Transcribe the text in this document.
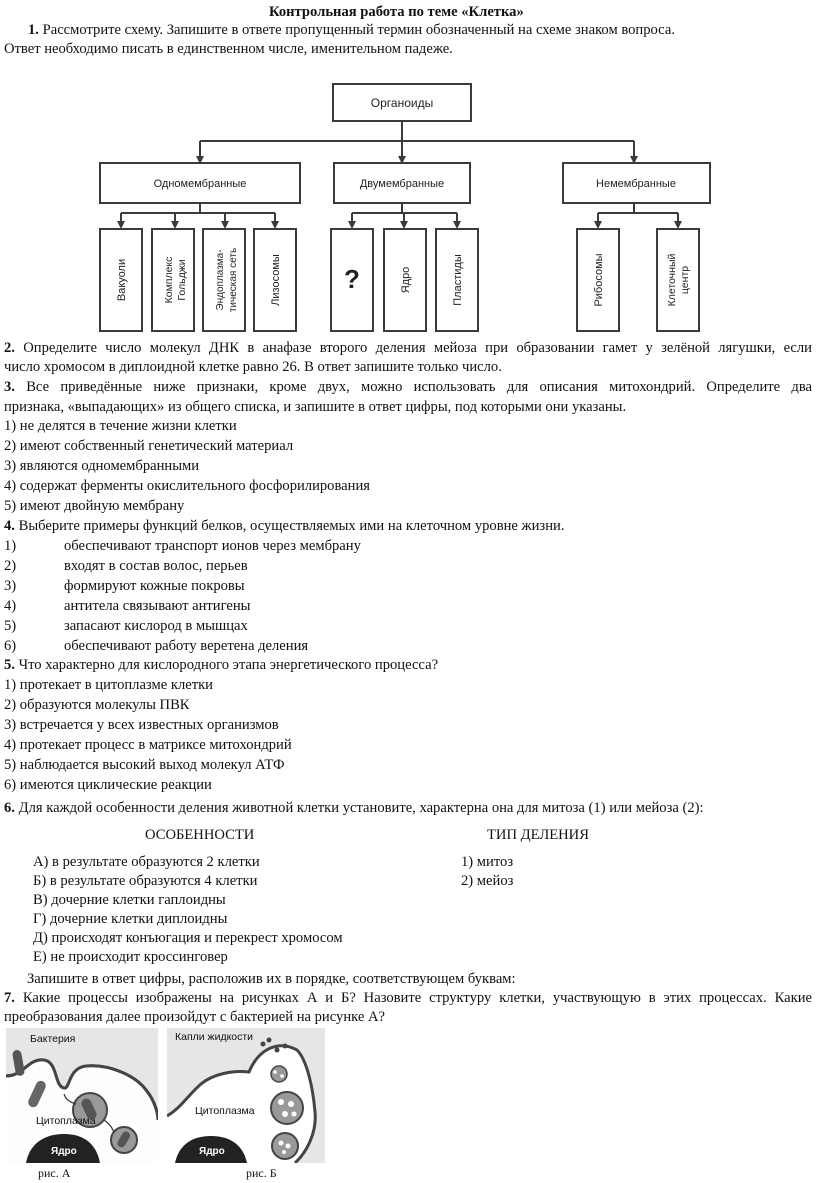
Контрольная работа по теме «Клетка»
1. Рассмотрите схему. Запишите в ответе пропущенный термин обозначенный на схеме знаком вопроса.
Ответ необходимо писать в единственном числе, именительном падеже.
Органоиды
Одномембранные	Двумембранные	Немембранные
Вакуоли	КомплексГольджи	Эндоплазма- тическая сеть	Лизосомы ?	Ядро	Пластиды	Рибосомы	Клеточныйцентр
2. Определите число молекул ДНК в анафазе второго деления мейоза при образовании гамет у зелёной лягушки, если
число хромосом в диплоидной клетке равно 26. В ответ запишите только число.
3. Все приведённые ниже признаки, кроме двух, можно использовать для описания митохондрий. Определите два
признака, «выпадающих» из общего списка, и запишите в ответ цифры, под которыми они указаны.
1) не делятся в течение жизни клетки
2) имеют собственный генетический материал
3) являются одномембранными
4) содержат ферменты окислительного фосфорилирования
5) имеют двойную мембрану
4. Выберите примеры функций белков, осуществляемых ими на клеточном уровне жизни.
1)	обеспечивают транспорт ионов через мембрану
2)	входят в состав волос, перьев
3)	формируют кожные покровы
4)	антитела связывают антигены
5)	запасают кислород в мышцах
6)	обеспечивают работу веретена деления
5. Что характерно для кислородного этапа энергетического процесса?
1) протекает в цитоплазме клетки
2) образуются молекулы ПВК
3) встречается у всех известных организмов
4) протекает процесс в матриксе митохондрий
5) наблюдается высокий выход молекул АТФ
6) имеются циклические реакции
6. Для каждой особенности деления животной клетки установите, характерна она для митоза (1) или мейоза (2):
ОСОБЕННОСТИ	ТИП ДЕЛЕНИЯ
А) в результате образуются 2 клетки
Б) в результате образуются 4 клетки
В) дочерние клетки гаплоидны
Г) дочерние клетки диплоидны
Д) происходят конъюгация и перекрест хромосом
Е) не происходит кроссинговер
1) митоз
2) мейоз
Запишите в ответ цифры, расположив их в порядке, соответствующем буквам:
7. Какие процессы изображены на рисунках А и Б? Назовите структуру клетки, участвующую в этих процессах. Какие
преобразования далее произойдут с бактерией на рисунке А?
Бактерия
Цитоплазма
Ядро
Капли жидкости
Цитоплазма
Ядро
рис. А	рис. Б
